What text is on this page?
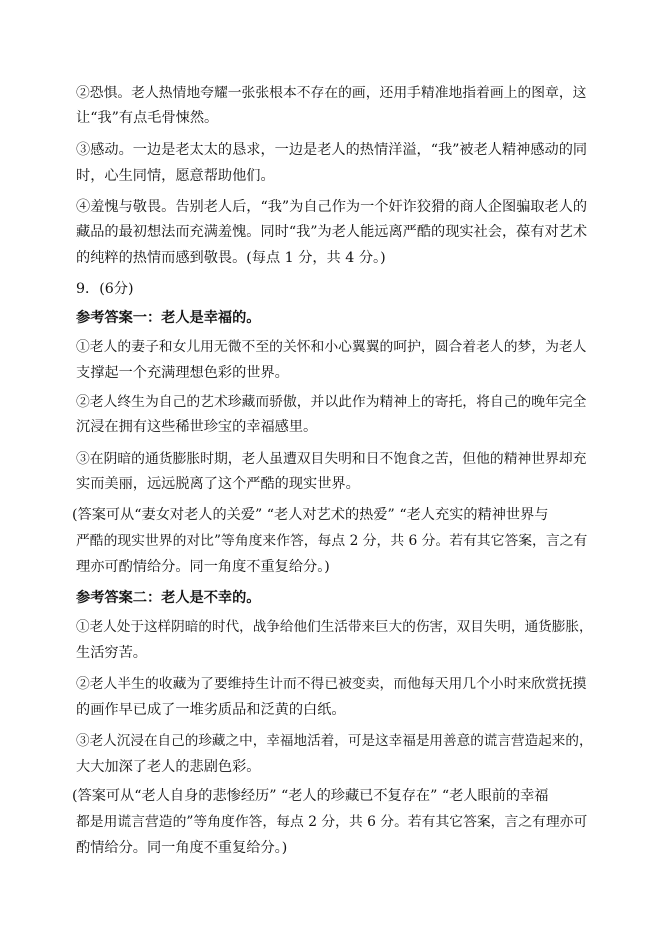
②恐惧。老人热情地夸耀一张张根本不存在的画，还用手精准地指着画上的图章，这
让“我”有点毛骨悚然。
③感动。一边是老太太的恳求，一边是老人的热情洋溢，“我”被老人精神感动的同
时，心生同情，愿意帮助他们。
④羞愧与敬畏。告别老人后，“我”为自己作为一个奸诈狡猾的商人企图骗取老人的
藏品的最初想法而充满羞愧。同时“我”为老人能远离严酷的现实社会，葆有对艺术
的纯粹的热情而感到敬畏。(每点 1 分，共 4 分。)
9．(6分)
参考答案一：老人是幸福的。
①老人的妻子和女儿用无微不至的关怀和小心翼翼的呵护，圆合着老人的梦，为老人
支撑起一个充满理想色彩的世界。
②老人终生为自己的艺术珍藏而骄傲，并以此作为精神上的寄托，将自己的晚年完全
沉浸在拥有这些稀世珍宝的幸福感里。
③在阴暗的通货膨胀时期，老人虽遭双目失明和日不饱食之苦，但他的精神世界却充
实而美丽，远远脱离了这个严酷的现实世界。
(答案可从“妻女对老人的关爱” “老人对艺术的热爱” “老人充实的精神世界与
严酷的现实世界的对比”等角度来作答，每点 2 分，共 6 分。若有其它答案，言之有
理亦可酌情给分。同一角度不重复给分。)
参考答案二：老人是不幸的。
①老人处于这样阴暗的时代，战争给他们生活带来巨大的伤害，双目失明，通货膨胀，
生活穷苦。
②老人半生的收藏为了要维持生计而不得已被变卖，而他每天用几个小时来欣赏抚摸
的画作早已成了一堆劣质品和泛黄的白纸。
③老人沉浸在自己的珍藏之中，幸福地活着，可是这幸福是用善意的谎言营造起来的，
大大加深了老人的悲剧色彩。
(答案可从“老人自身的悲惨经历” “老人的珍藏已不复存在” “老人眼前的幸福
都是用谎言营造的”等角度作答，每点 2 分，共 6 分。若有其它答案，言之有理亦可
酌情给分。同一角度不重复给分。)
